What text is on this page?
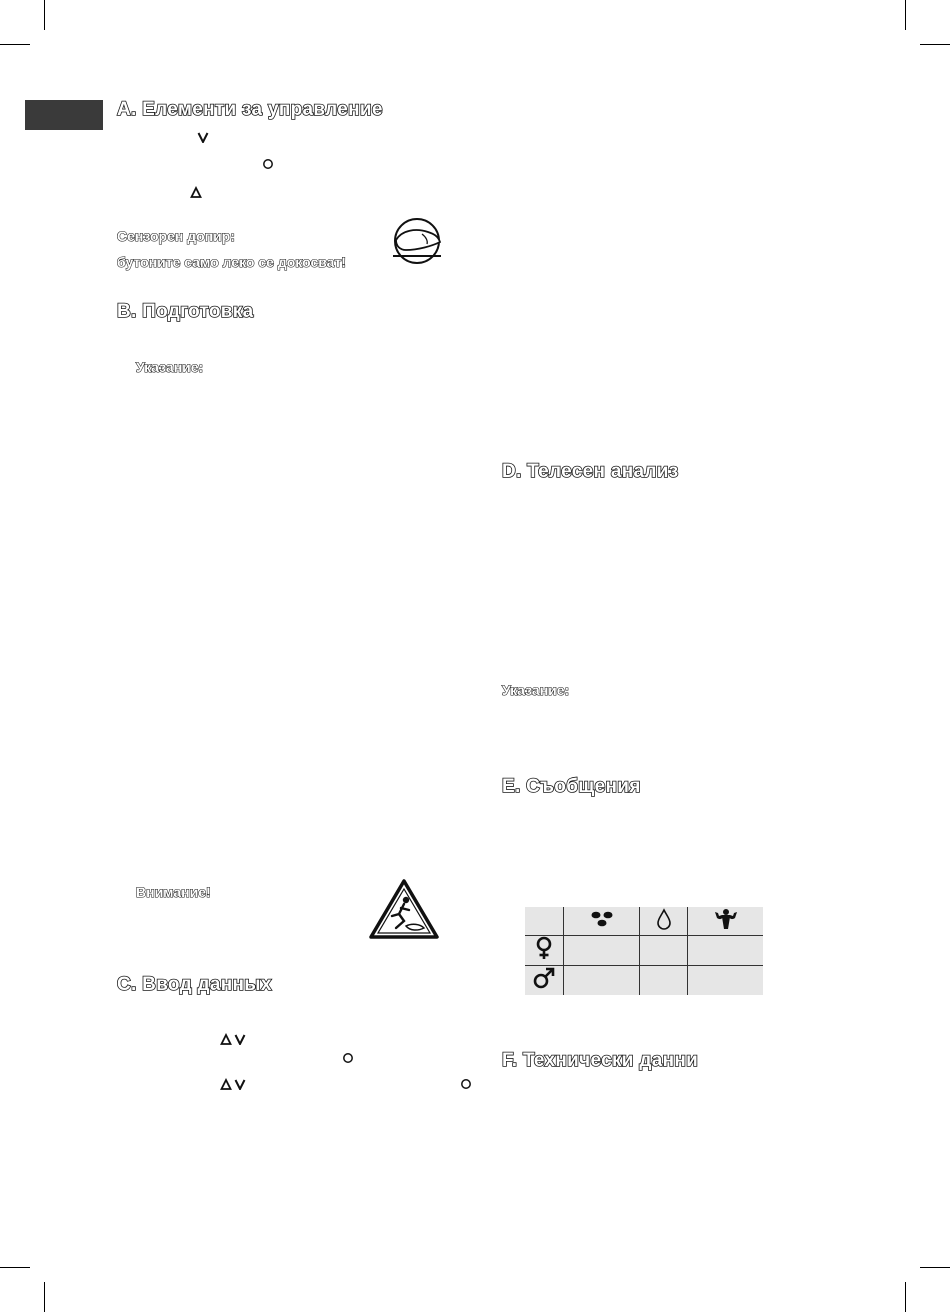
A. Елементи за управление
Сензорен допир:
бутоните само леко се докосват!
B. Подготовка
Указание:
Внимание!
C. Ввод данных
D. Телесен анализ
Указание:
E. Съобщения

F. Технически данни
